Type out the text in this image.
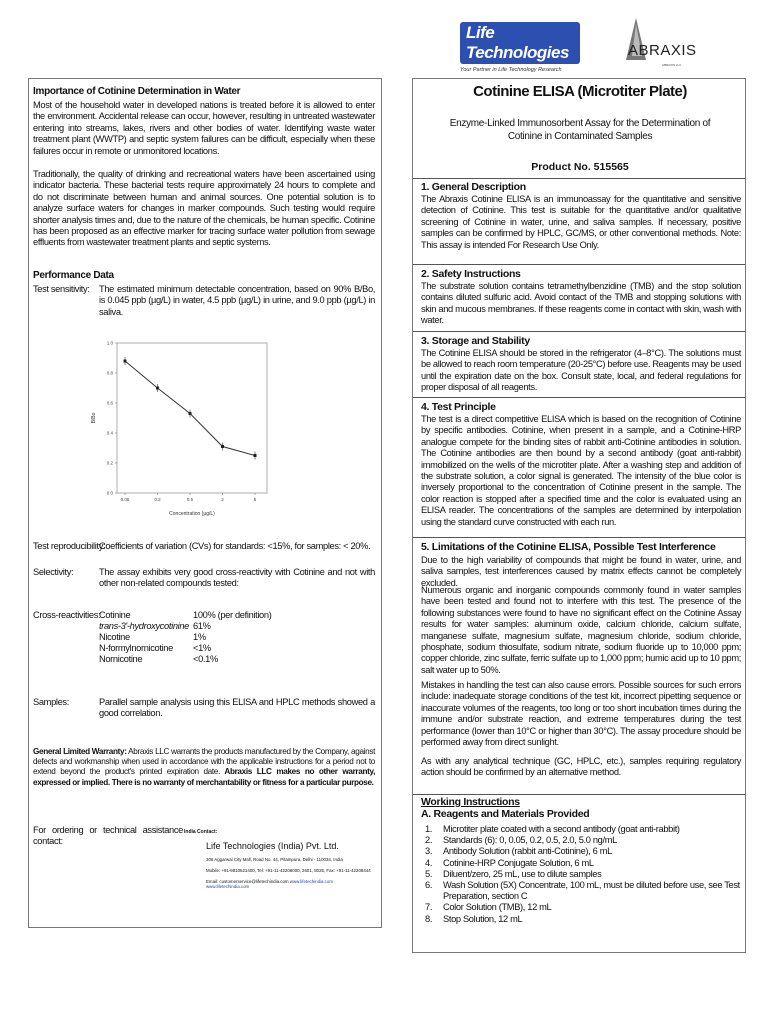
Life Technologies
Your Partner in Life Technology Research
ABRAXIS
ABRAXIS LLC
Importance of Cotinine Determination in Water
Most of the household water in developed nations is treated before it is allowed to enter the environment. Accidental release can occur, however, resulting in untreated wastewater entering into streams, lakes, rivers and other bodies of water. Identifying waste water treatment plant (WWTP) and septic system failures can be difficult, especially when these failures occur in remote or unmonitored locations.
Traditionally, the quality of drinking and recreational waters have been ascertained using indicator bacteria. These bacterial tests require approximately 24 hours to complete and do not discriminate between human and animal sources. One potential solution is to analyze surface waters for changes in marker compounds. Such testing would require shorter analysis times and, due to the nature of the chemicals, be human specific. Cotinine has been proposed as an effective marker for tracing surface water pollution from sewage effluents from wastewater treatment plants and septic systems.
Performance Data
Test sensitivity: The estimated minimum detectable concentration, based on 90% B/Bo, is 0.045 ppb (µg/L) in water, 4.5 ppb (µg/L) in urine, and 9.0 ppb (µg/L) in saliva.
0.0
0.2
0.4
0.6
0.8
1.0
0.05	0.2	0.5	2	5
Concentration (µg/L)
B/Bo
Test reproducibility:
Coefficients of variation (CVs) for standards: <15%, for samples: < 20%.
Selectivity:	The assay exhibits very good cross-reactivity with Cotinine and not with other non-related compounds tested:
Cross-reactivities:
Cotinine	100% (per definition)
trans-3'-hydroxycotinine 61%
Nicotine	1%
N-formylnornicotine <1%
Nornicotine	<0.1%
Samples:	Parallel sample analysis using this ELISA and HPLC methods showed a good correlation.
General Limited Warranty: Abraxis LLC warrants the products manufactured by the Company, against defects and workmanship when used in accordance with the applicable instructions for a period not to extend beyond the product's printed expiration date. Abraxis LLC makes no other warranty, expressed or implied. There is no warranty of merchantability or fitness for a particular purpose.
For ordering or technical assistance contact:
India Contact:
Life Technologies (India) Pvt. Ltd.
306 Aggarwal City Mall, Road No. 44, Pitampura, Delhi - 110034, India
Mobile: +91-9810521400, Tel: +91-11-42208000, 2601, 8025, Fax: +91-11-42208444
Email: customerservice@lifetechindia.com www.lifetechindia.com www.lifetechindia.com
Cotinine ELISA (Microtiter Plate)
Enzyme-Linked Immunosorbent Assay for the Determination of
Cotinine in Contaminated Samples
Product No. 515565
1. General Description
The Abraxis Cotinine ELISA is an immunoassay for the quantitative and sensitive detection of Cotinine. This test is suitable for the quantitative and/or qualitative screening of Cotinine in water, urine, and saliva samples. If necessary, positive samples can be confirmed by HPLC, GC/MS, or other conventional methods. Note: This assay is intended For Research Use Only.
2. Safety Instructions
The substrate solution contains tetramethylbenzidine (TMB) and the stop solution contains diluted sulfuric acid. Avoid contact of the TMB and stopping solutions with skin and mucous membranes. If these reagents come in contact with skin, wash with water.
3. Storage and Stability
The Cotinine ELISA should be stored in the refrigerator (4–8°C). The solutions must be allowed to reach room temperature (20-25°C) before use. Reagents may be used until the expiration date on the box. Consult state, local, and federal regulations for proper disposal of all reagents.
4. Test Principle
The test is a direct competitive ELISA which is based on the recognition of Cotinine by specific antibodies. Cotinine, when present in a sample, and a Cotinine-HRP analogue compete for the binding sites of rabbit anti-Cotinine antibodies in solution. The Cotinine antibodies are then bound by a second antibody (goat anti-rabbit) immobilized on the wells of the microtiter plate. After a washing step and addition of the substrate solution, a color signal is generated. The intensity of the blue color is inversely proportional to the concentration of Cotinine present in the sample. The color reaction is stopped after a specified time and the color is evaluated using an ELISA reader. The concentrations of the samples are determined by interpolation using the standard curve constructed with each run.
5. Limitations of the Cotinine ELISA, Possible Test Interference
Due to the high variability of compounds that might be found in water, urine, and saliva samples, test interferences caused by matrix effects cannot be completely excluded.
Numerous organic and inorganic compounds commonly found in water samples have been tested and found not to interfere with this test. The presence of the following substances were found to have no significant effect on the Cotinine Assay results for water samples: aluminum oxide, calcium chloride, calcium sulfate, manganese sulfate, magnesium sulfate, magnesium chloride, sodium chloride, phosphate, sodium thiosulfate, sodium nitrate, sodium fluoride up to 10,000 ppm; copper chloride, zinc sulfate, ferric sulfate up to 1,000 ppm; humic acid up to 10 ppm; salt water up to 50%.
Mistakes in handling the test can also cause errors. Possible sources for such errors include: inadequate storage conditions of the test kit, incorrect pipetting sequence or inaccurate volumes of the reagents, too long or too short incubation times during the immune and/or substrate reaction, and extreme temperatures during the test performance (lower than 10°C or higher than 30°C). The assay procedure should be performed away from direct sunlight.
As with any analytical technique (GC, HPLC, etc.), samples requiring regulatory action should be confirmed by an alternative method.
Working Instructions
A. Reagents and Materials Provided
1. Microtiter plate coated with a second antibody (goat anti-rabbit)
2. Standards (6): 0, 0.05, 0.2, 0.5, 2.0, 5.0 ng/mL
3. Antibody Solution (rabbit anti-Cotinine), 6 mL
4. Cotinine-HRP Conjugate Solution, 6 mL
5. Diluent/zero, 25 mL, use to dilute samples
6. Wash Solution (5X) Concentrate, 100 mL, must be diluted before use, see Test Preparation, section C
7. Color Solution (TMB), 12 mL
8. Stop Solution, 12 mL
